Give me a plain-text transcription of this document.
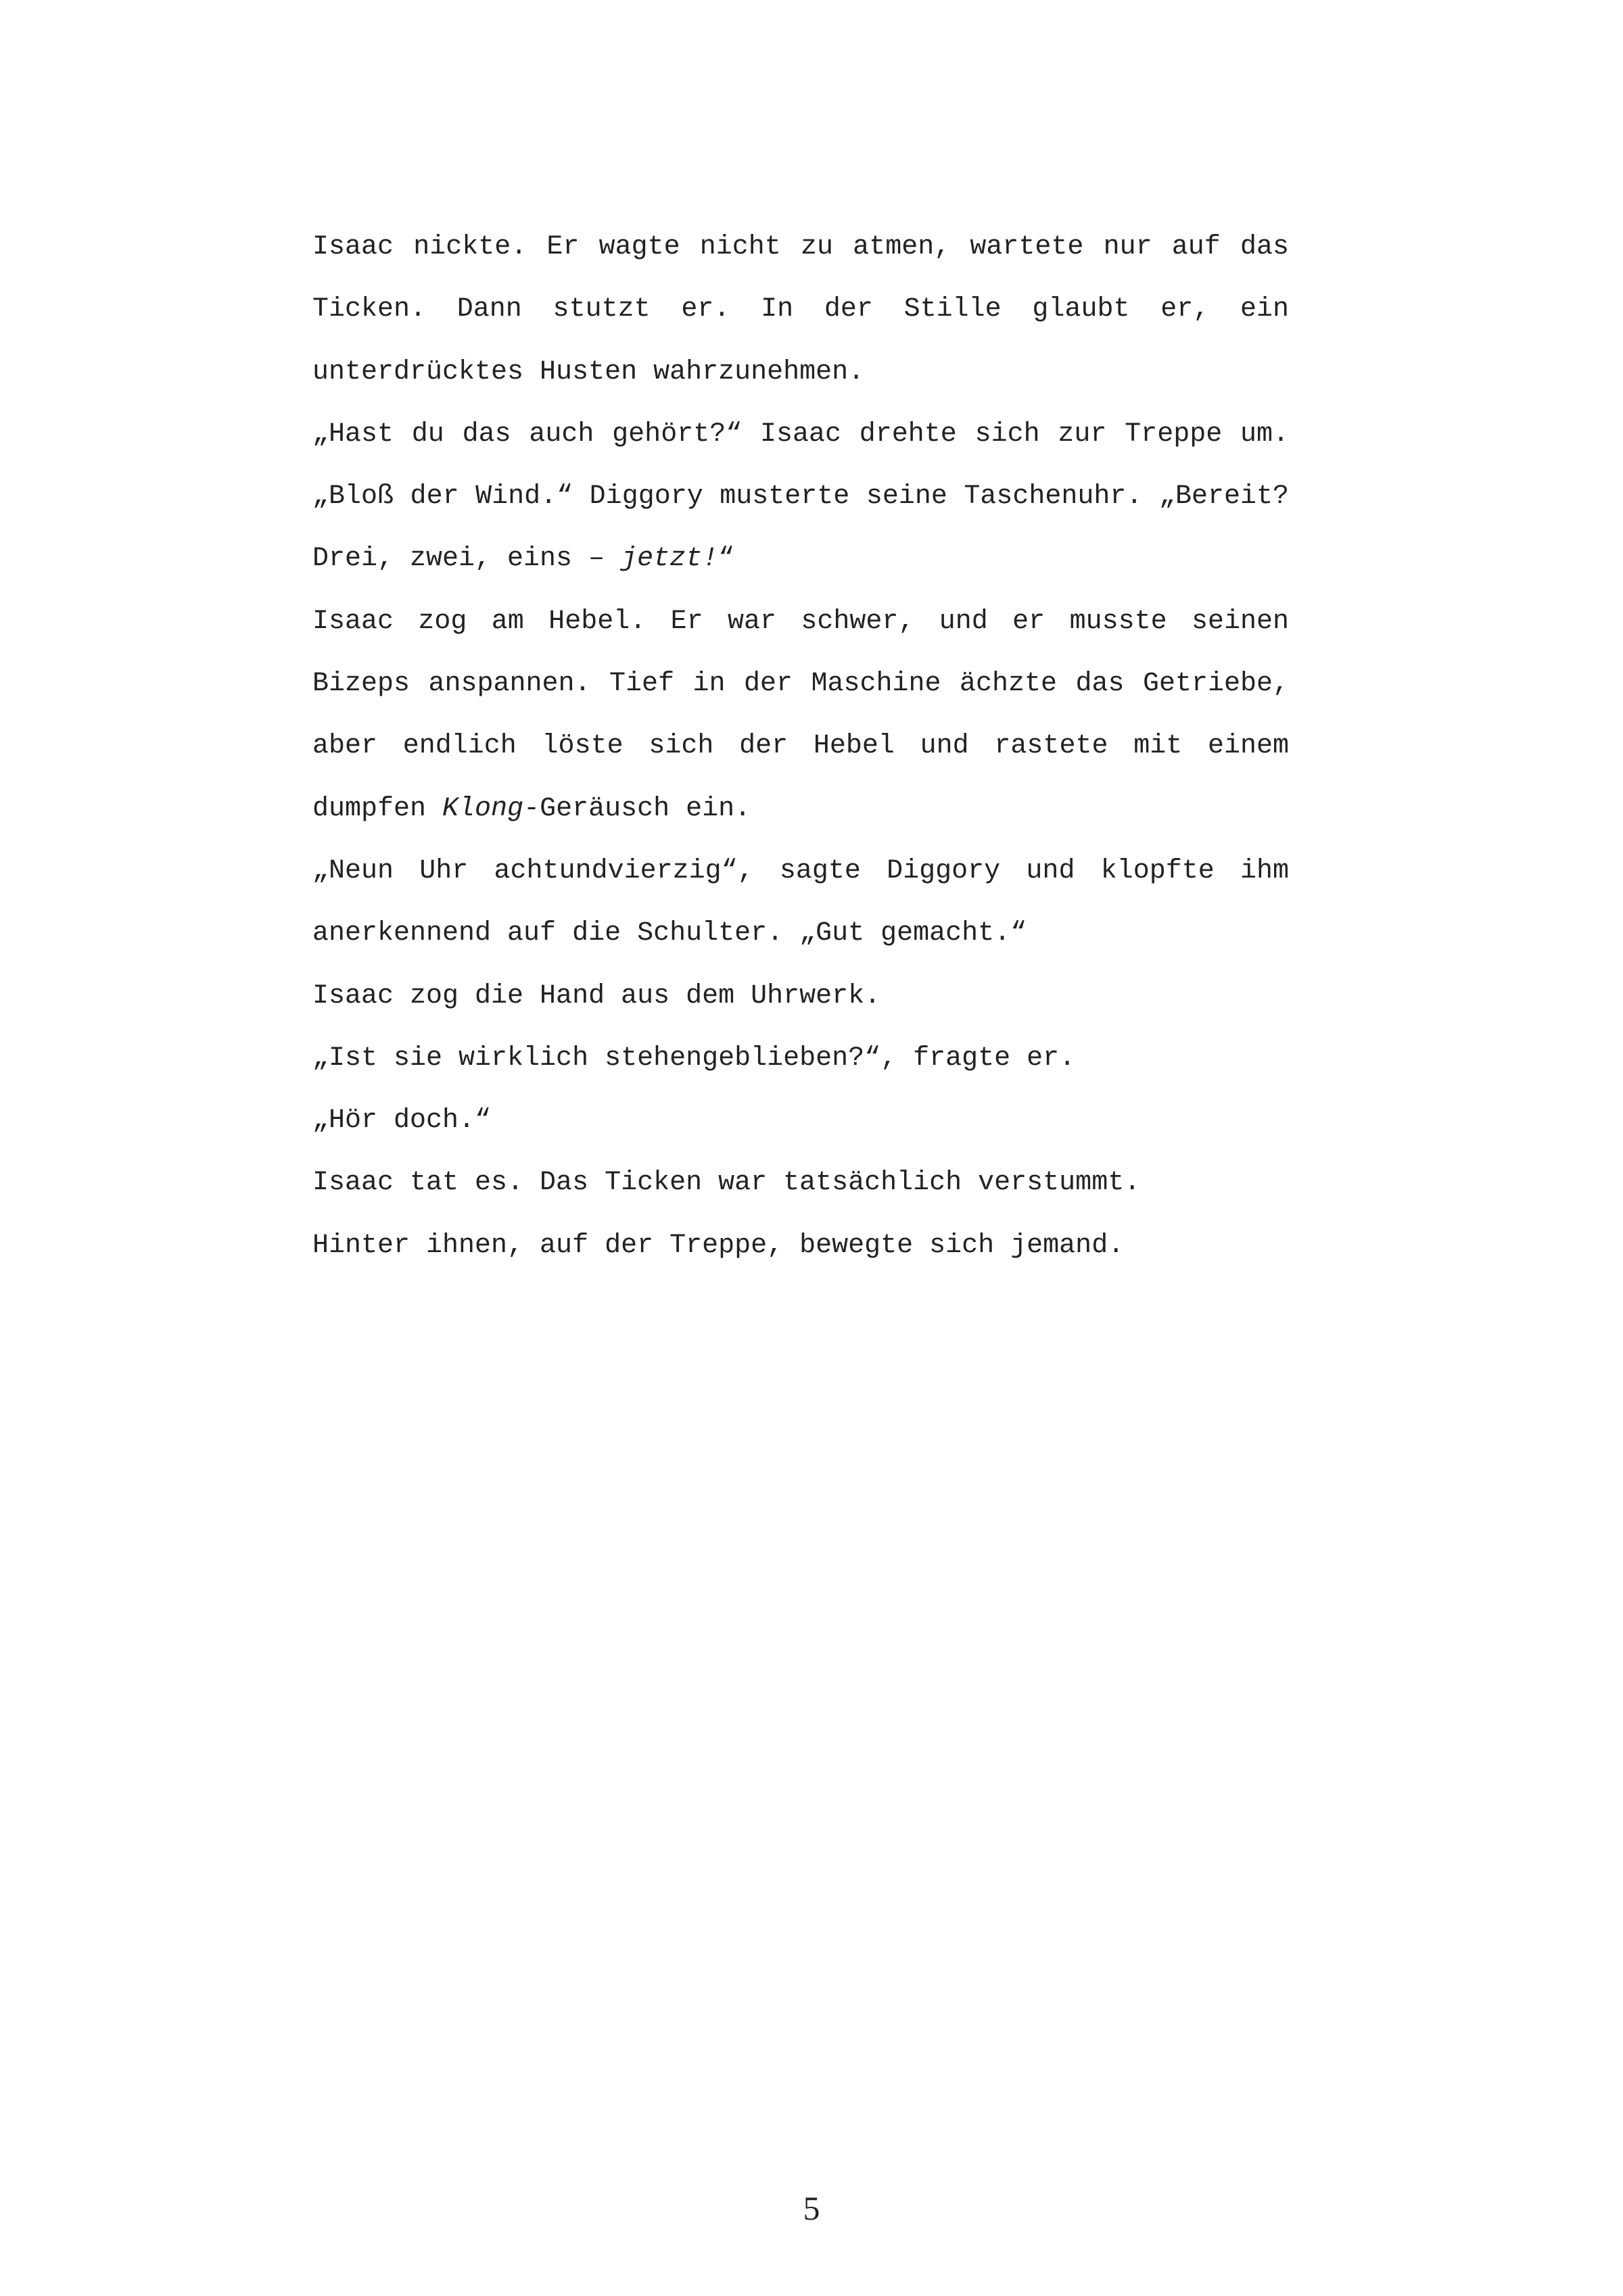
Isaac nickte. Er wagte nicht zu atmen, wartete nur auf das
Ticken. Dann stutzt er. In der Stille glaubt er, ein
unterdrücktes Husten wahrzunehmen.
„Hast du das auch gehört?“ Isaac drehte sich zur Treppe um.
„Bloß der Wind.“ Diggory musterte seine Taschenuhr. „Bereit?
Drei, zwei, eins – jetzt!“
Isaac zog am Hebel. Er war schwer, und er musste seinen
Bizeps anspannen. Tief in der Maschine ächzte das Getriebe,
aber endlich löste sich der Hebel und rastete mit einem
dumpfen Klong-Geräusch ein.
„Neun Uhr achtundvierzig“, sagte Diggory und klopfte ihm
anerkennend auf die Schulter. „Gut gemacht.“
Isaac zog die Hand aus dem Uhrwerk.
„Ist sie wirklich stehengeblieben?“, fragte er.
„Hör doch.“
Isaac tat es. Das Ticken war tatsächlich verstummt.
Hinter ihnen, auf der Treppe, bewegte sich jemand.
5
